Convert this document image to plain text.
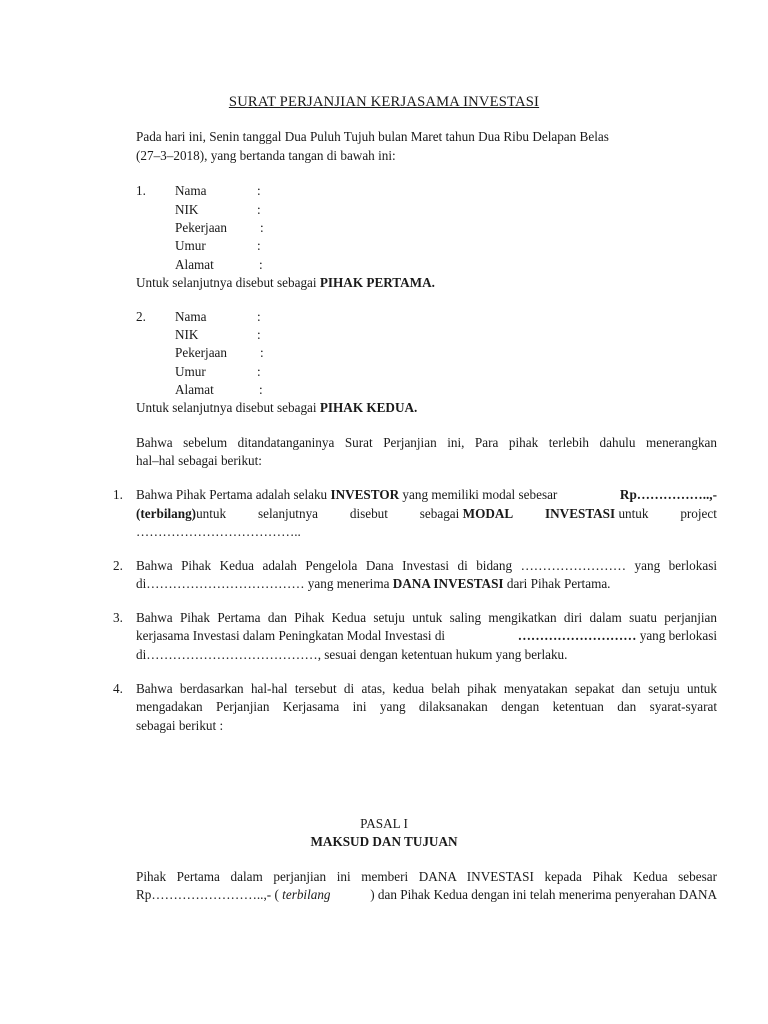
SURAT PERJANJIAN KERJASAMA INVESTASI
Pada hari ini, Senin tanggal Dua Puluh Tujuh bulan Maret tahun Dua Ribu Delapan Belas
(27–3–2018), yang bertanda tangan di bawah ini:
1. Nama	:
NIK	:
Pekerjaan	:
Umur	:
Alamat	:
Untuk selanjutnya disebut sebagai PIHAK PERTAMA.
2. Nama	:
NIK	:
Pekerjaan	:
Umur	:
Alamat	:
Untuk selanjutnya disebut sebagai PIHAK KEDUA.
Bahwa sebelum ditandatanganinya Surat Perjanjian ini, Para pihak terlebih dahulu menerangkan
hal–hal sebagai berikut:
1. Bahwa Pihak Pertama adalah selaku INVESTOR yang memiliki modal sebesar	Rp……………..,-
(terbilang)untuk selanjutnya disebut sebagai MODAL INVESTASI untuk project
………………………………..
2. Bahwa Pihak Kedua adalah Pengelola Dana Investasi di bidang …………………… yang berlokasi
di……………………………… yang menerima DANA INVESTASI dari Pihak Pertama.
3. Bahwa Pihak Pertama dan Pihak Kedua setuju untuk saling mengikatkan diri dalam suatu perjanjian
kerjasama Investasi dalam Peningkatan Modal Investasi di	……………………… yang berlokasi
di…………………………………, sesuai dengan ketentuan hukum yang berlaku.
4. Bahwa berdasarkan hal-hal tersebut di atas, kedua belah pihak menyatakan sepakat dan setuju untuk
mengadakan Perjanjian Kerjasama ini yang dilaksanakan dengan ketentuan dan syarat-syarat
sebagai berikut :
PASAL I
MAKSUD DAN TUJUAN
Pihak Pertama dalam perjanjian ini memberi DANA INVESTASI kepada Pihak Kedua sebesar
Rp……………………..,- ( terbilang	) dan Pihak Kedua dengan ini telah menerima penyerahan DANA
